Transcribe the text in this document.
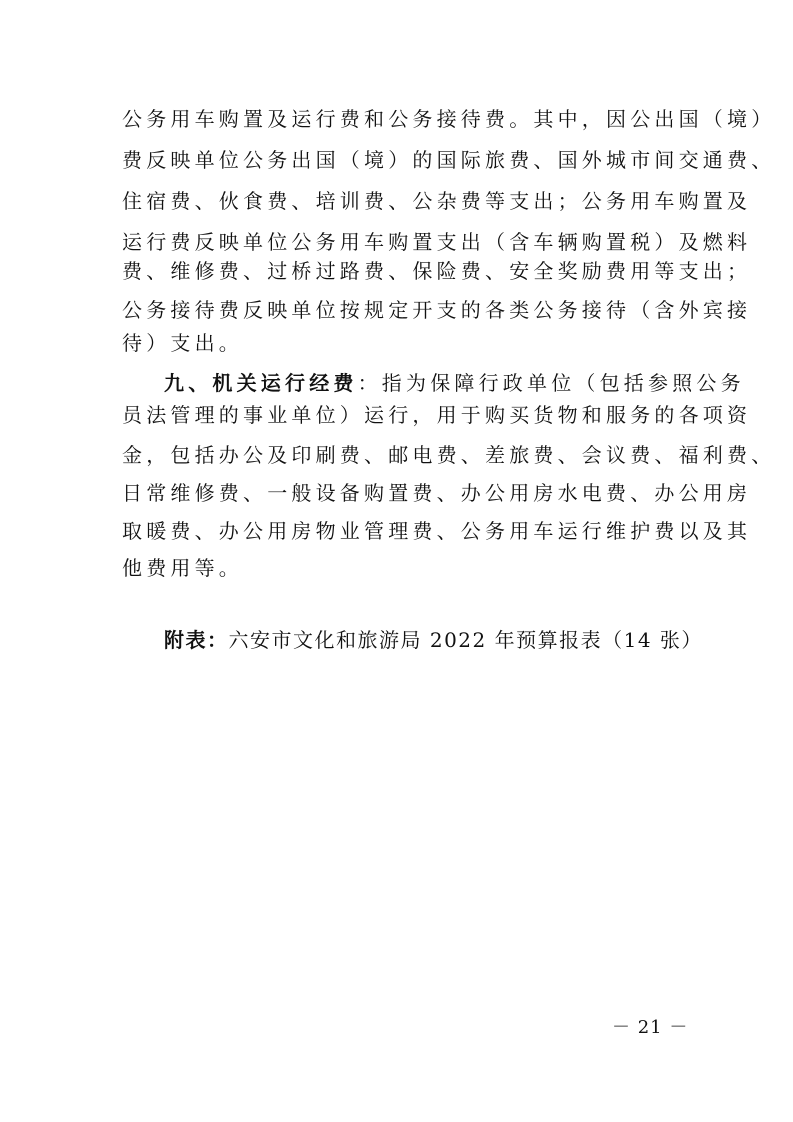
公务用车购置及运行费和公务接待费。其中，因公出国（境）
费反映单位公务出国（境）的国际旅费、国外城市间交通费、
住宿费、伙食费、培训费、公杂费等支出；公务用车购置及
运行费反映单位公务用车购置支出（含车辆购置税）及燃料
费、维修费、过桥过路费、保险费、安全奖励费用等支出；
公务接待费反映单位按规定开支的各类公务接待（含外宾接
待）支出。
九、机关运行经费：指为保障行政单位（包括参照公务
员法管理的事业单位）运行，用于购买货物和服务的各项资
金，包括办公及印刷费、邮电费、差旅费、会议费、福利费、
日常维修费、一般设备购置费、办公用房水电费、办公用房
取暖费、办公用房物业管理费、公务用车运行维护费以及其
他费用等。
附表：六安市文化和旅游局 2022 年预算报表（14 张）
－ 21 －
